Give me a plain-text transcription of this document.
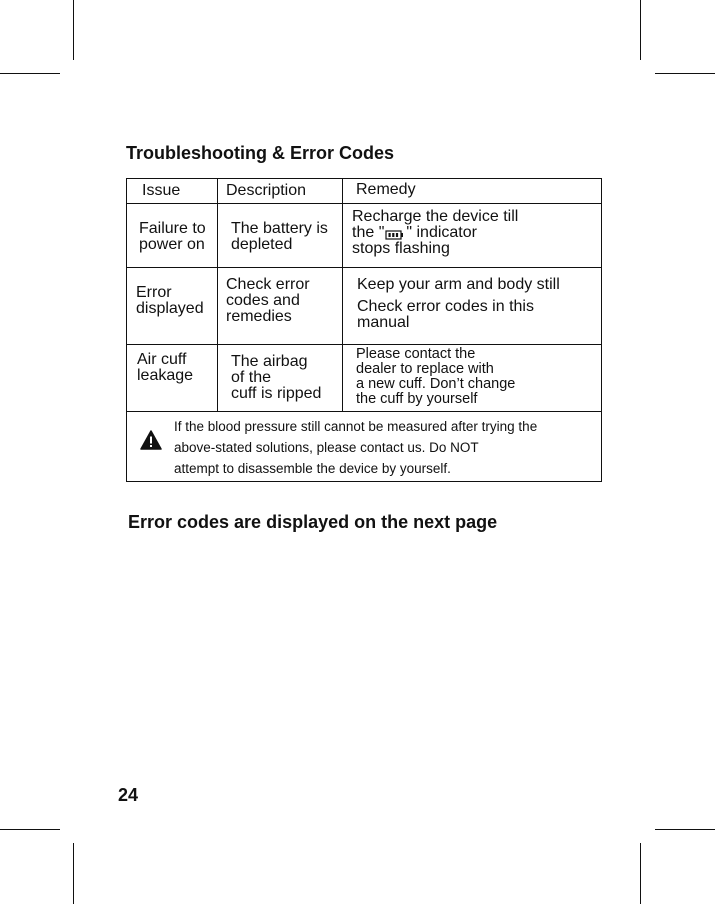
Troubleshooting & Error Codes
Issue	Description	Remedy
Failure to
power on
The battery is
depleted
Recharge the device till
the " " indicator
stops flashing
Error
displayed
Check error
codes and
remedies
Keep your arm and body still
Check error codes in this
manual
Air cuff
leakage
The airbag
of the
cuff is ripped
Please contact the
dealer to replace with
a new cuff. Don’t change
the cuff by yourself
If the blood pressure still cannot be measured after trying the
above-stated solutions, please contact us. Do NOT
attempt to disassemble the device by yourself.
Error codes are displayed on the next page
24
